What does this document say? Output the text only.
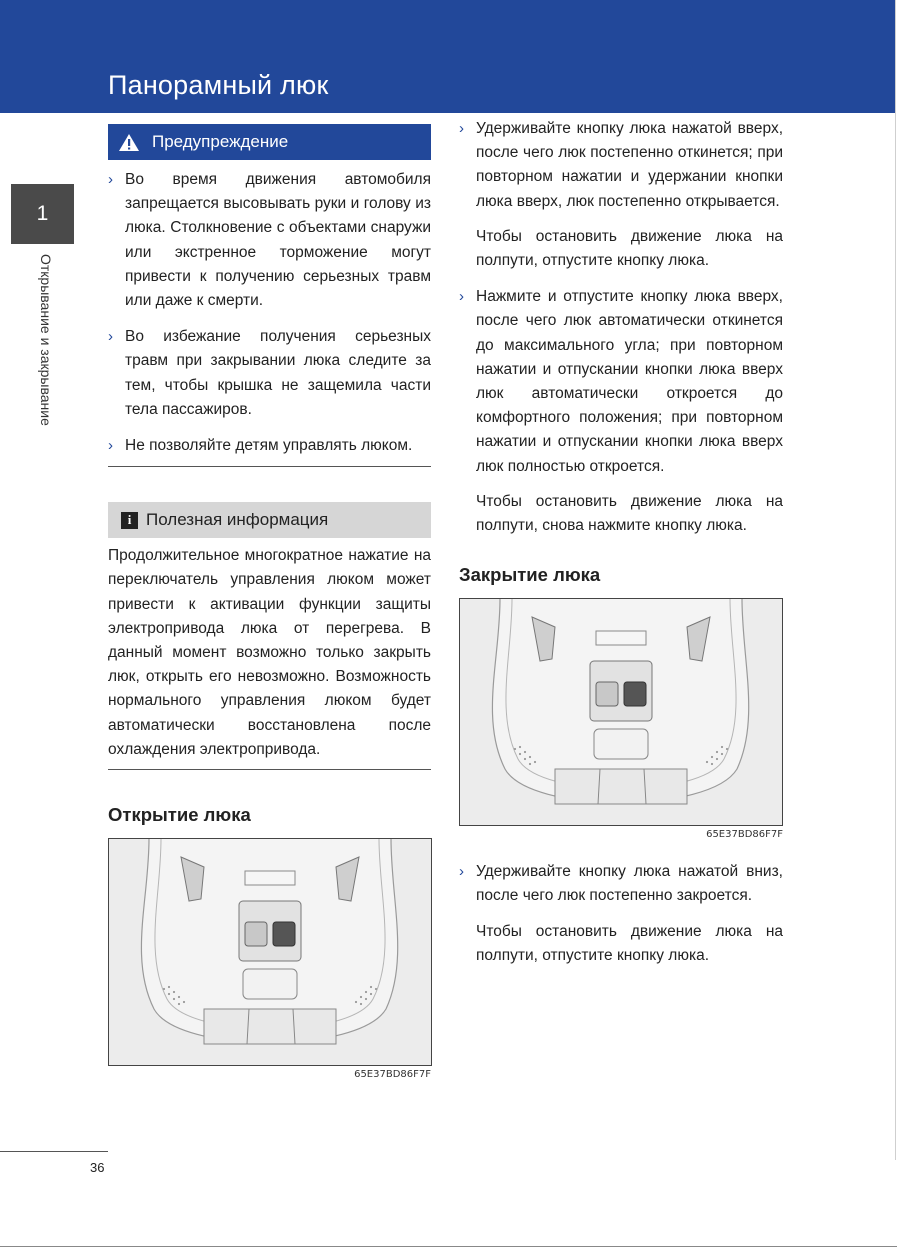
Панорамный люк
1
Открывание и закрывание
Предупреждение
› Во время движения автомобиля запрещается высовывать руки и голову из люка. Столкновение с объектами снаружи или экстренное торможение могут привести к получению серьезных травм или даже к смерти.
› Во избежание получения серьезных травм при закрывании люка следите за тем, чтобы крышка не защемила части тела пассажиров.
› Не позволяйте детям управлять люком.
i Полезная информация
Продолжительное многократное нажатие на переключатель управления люком может привести к активации функции защиты электропривода люка от перегрева. В данный момент возможно только закрыть люк, открыть его невозможно. Возможность нормального управления люком будет автоматически восстановлена после охлаждения электропривода.
Открытие люка
65E37BD86F7F
› Удерживайте кнопку люка нажатой вверх, после чего люк постепенно откинется; при повторном нажатии и удержании кнопки люка вверх, люк постепенно открывается.
Чтобы остановить движение люка на полпути, отпустите кнопку люка.
› Нажмите и отпустите кнопку люка вверх, после чего люк автоматически откинется до максимального угла; при повторном нажатии и отпускании кнопки люка вверх люк автоматически откроется до комфортного положения; при повторном нажатии и отпускании кнопки люка вверх люк полностью откроется.
Чтобы остановить движение люка на полпути, снова нажмите кнопку люка.
Закрытие люка
65E37BD86F7F
› Удерживайте кнопку люка нажатой вниз, после чего люк постепенно закроется.
Чтобы остановить движение люка на полпути, отпустите кнопку люка.
36
